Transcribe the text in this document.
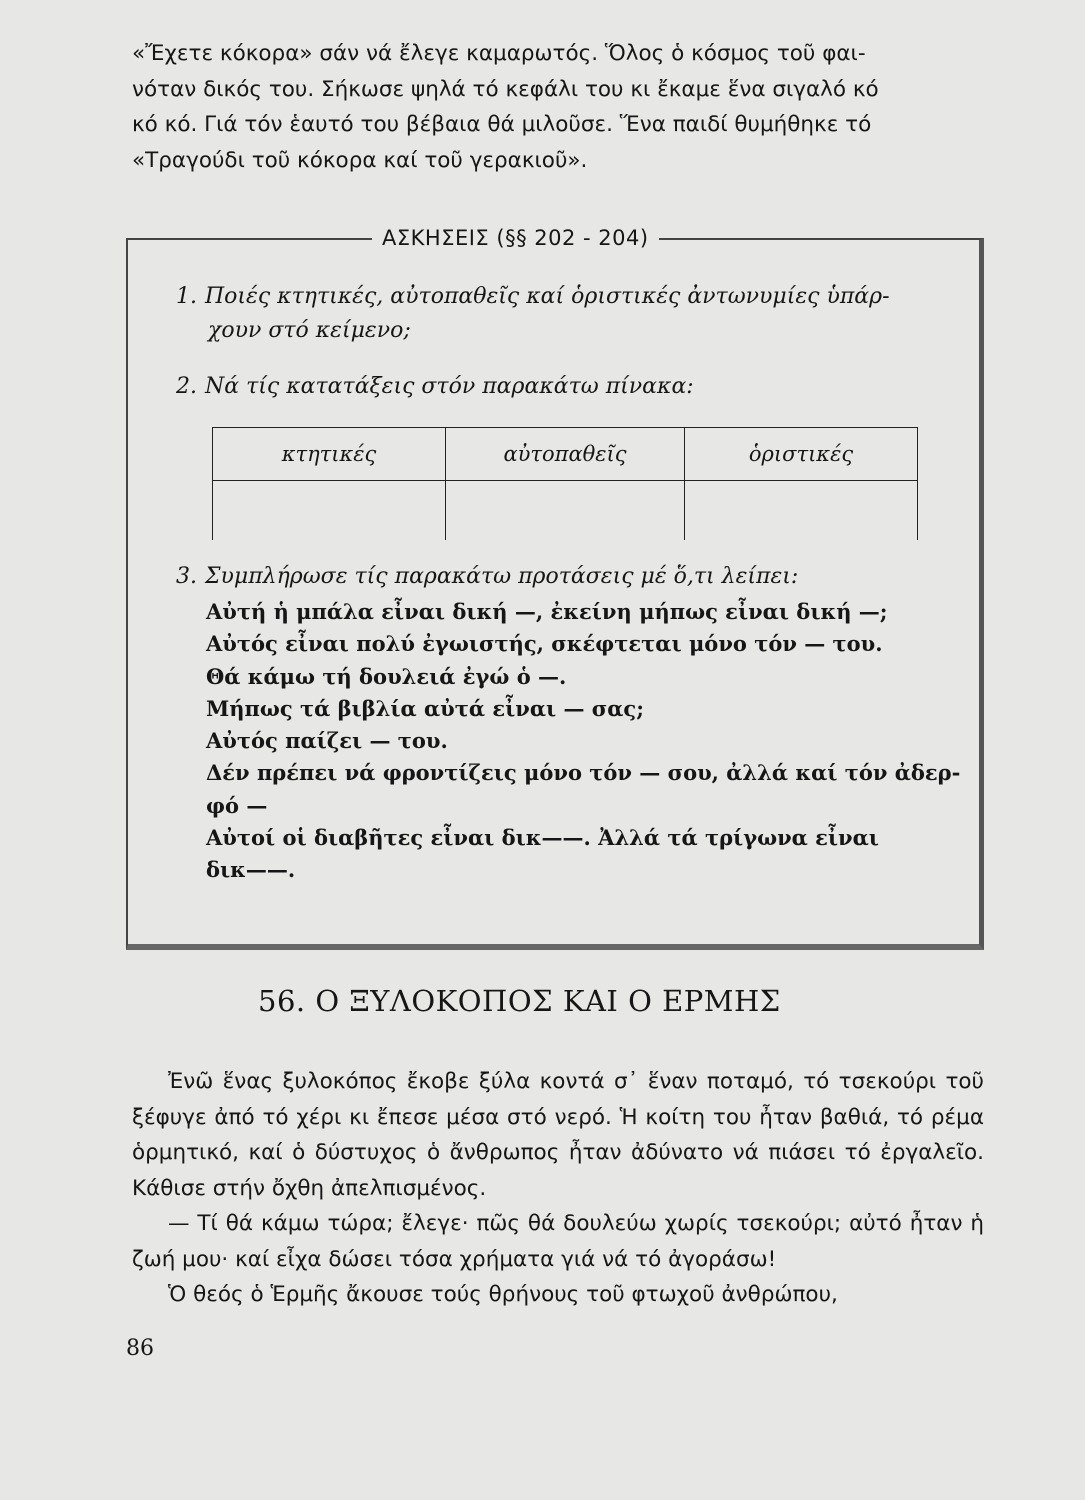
«Ἔχετε κόκορα» σάν νά ἔλεγε καμαρωτός. Ὅλος ὁ κόσμος τοῦ φαι-

νόταν δικός του. Σήκωσε ψηλά τό κεφάλι του κι ἔκαμε ἕνα σιγαλό κό

κό κό. Γιά τόν ἑαυτό του βέβαια θά μιλοῦσε. Ἕνα παιδί θυμήθηκε τό

«Τραγούδι τοῦ κόκορα καί τοῦ γερακιοῦ».

ΑΣΚΗΣΕΙΣ (§§ 202 - 204)
1. Ποιές κτητικές, αὐτοπαθεῖς καί ὁριστικές ἀντωνυμίες ὑπάρ-
χουν στό κείμενο;
2. Νά τίς κατατάξεις στόν παρακάτω πίνακα:
κτητικές	αὐτοπαθεῖς	ὁριστικές

3. Συμπλήρωσε τίς παρακάτω προτάσεις μέ ὅ,τι λείπει:
Αὐτή ἡ μπάλα εἶναι δική —, ἐκείνη μήπως εἶναι δική —;
Αὐτός εἶναι πολύ ἐγωιστής, σκέφτεται μόνο τόν — του.
Θά κάμω τή δουλειά ἐγώ ὁ —.
Μήπως τά βιβλία αὐτά εἶναι — σας;
Αὐτός παίζει — του.
Δέν πρέπει νά φροντίζεις μόνο τόν — σου, ἀλλά καί τόν ἀδερ-
φό —
Αὐτοί οἱ διαβῆτες εἶναι δικ——. Ἀλλά τά τρίγωνα εἶναι
δικ——.
56. Ο ΞΥΛΟΚΟΠΟΣ ΚΑΙ Ο ΕΡΜΗΣ

Ἐνῶ ἕνας ξυλοκόπος ἔκοβε ξύλα κοντά σ᾿ ἕναν ποταμό, τό τσεκούρι τοῦ ξέφυγε ἀπό τό χέρι κι ἔπεσε μέσα στό νερό. Ἡ κοίτη του ἦταν βαθιά, τό ρέμα ὁρμητικό, καί ὁ δύστυχος ὁ ἄνθρωπος ἦταν ἀδύνατο νά πιάσει τό ἐργαλεῖο. Κάθισε στήν ὄχθη ἀπελπισμένος.

— Τί θά κάμω τώρα; ἔλεγε· πῶς θά δουλεύω χωρίς τσεκούρι; αὐτό ἦταν ἡ ζωή μου· καί εἶχα δώσει τόσα χρήματα γιά νά τό ἀγοράσω!

Ὁ θεός ὁ Ἑρμῆς ἄκουσε τούς θρήνους τοῦ φτωχοῦ ἀνθρώπου,

86
